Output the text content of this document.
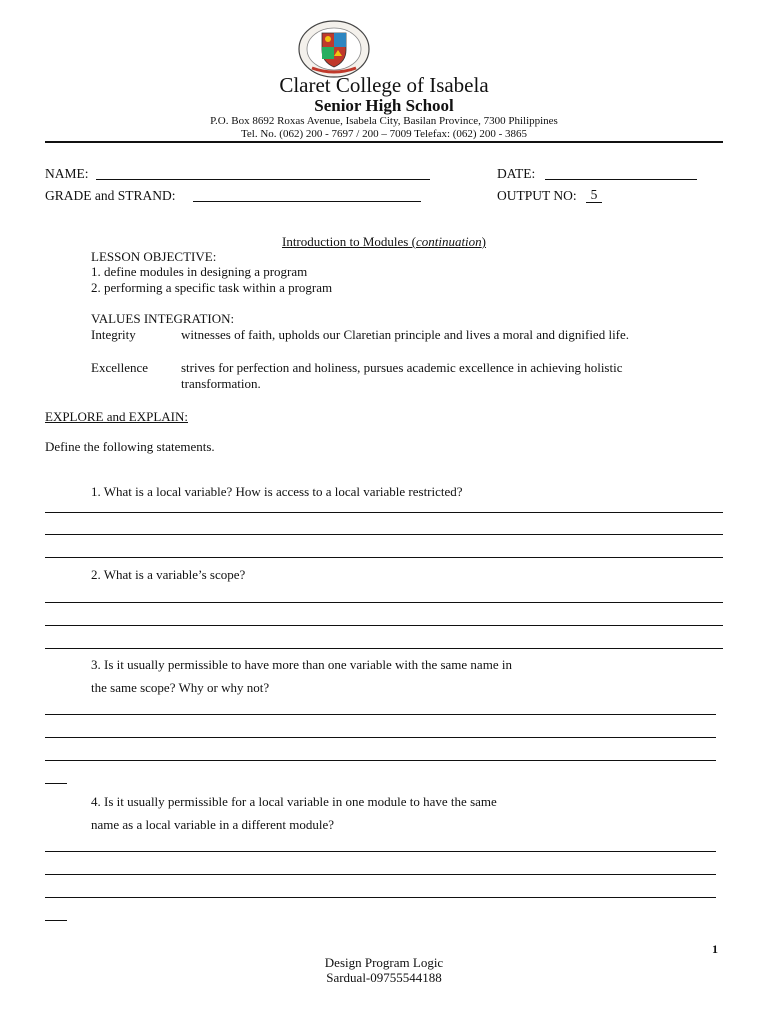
Claret College of Isabela
Senior High School
P.O. Box 8692 Roxas Avenue, Isabela City, Basilan Province, 7300 Philippines
Tel. No. (062) 200 - 7697 / 200 – 7009 Telefax: (062) 200 - 3865
NAME:	DATE:
GRADE and STRAND:	OUTPUT NO:	5
Introduction to Modules (continuation)
LESSON OBJECTIVE:
1. define modules in designing a program
2. performing a specific task within a program
VALUES INTEGRATION:
Integrity	witnesses of faith, upholds our Claretian principle and lives a moral and dignified life.
Excellence	strives for perfection and holiness, pursues academic excellence in achieving holistic transformation.
EXPLORE and EXPLAIN:
Define the following statements.
1. What is a local variable? How is access to a local variable restricted?
2. What is a variable’s scope?
3. Is it usually permissible to have more than one variable with the same name in
the same scope? Why or why not?
4. Is it usually permissible for a local variable in one module to have the same
name as a local variable in a different module?
1
Design Program Logic
Sardual-09755544188
